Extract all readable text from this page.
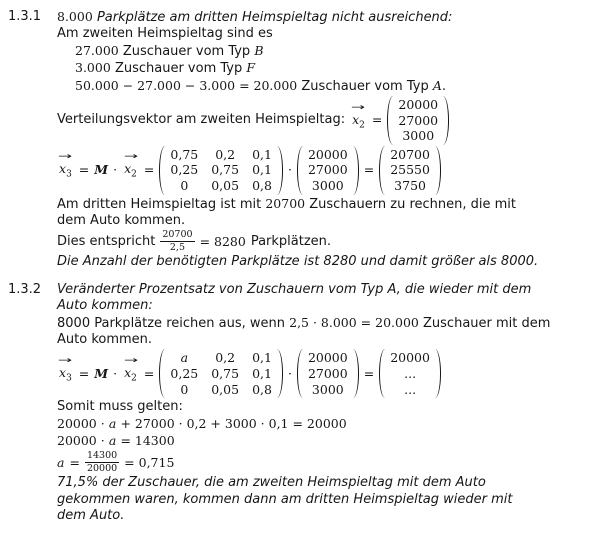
1.3.1	8.000 Parkplätze am dritten Heimspieltag nicht ausreichend:
Am zweiten Heimspieltag sind es
27.000 Zuschauer vom Typ B
3.000 Zuschauer vom Typ F
50.000 − 27.000 − 3.000 = 20.000 Zuschauer vom Typ A.
Verteilungsvektor am zweiten Heimspieltag:
→
$x_2$ =
20000
27000
3000
→
$x_3 = M$ ·
→
$x_2$ =
0,75	0,2	0,1
0,25 0,75 0,1
0	0,05 0,8
·
20000
27000
3000
=
20700
25550
3750
Am dritten Heimspieltag ist mit 20700 Zuschauern zu rechnen, die mit
dem Auto kommen.
Dies entspricht $\frac{20700}{2,5} = 8280$ Parkplätzen.
Die Anzahl der benötigten Parkplätze ist 8280 und damit größer als 8000.
1.3.2	Veränderter Prozentsatz von Zuschauern vom Typ A, die wieder mit dem
Auto kommen:
8000 Parkplätze reichen aus, wenn 2,5 · 8.000 = 20.000 Zuschauer mit dem
Auto kommen.
→
$x_3 = M$ ·
→
$x_2$ =
a	0,2	0,1
0,25 0,75 0,1
0	0,05 0,8
·
20000
27000
3000
=
20000
...
...
Somit muss gelten:
20000 · a + 27000 · 0,2 + 3000 · 0,1 = 20000
20000 · a = 14300
$a = \frac{14300}{20000} = 0,715$
71,5% der Zuschauer, die am zweiten Heimspieltag mit dem Auto
gekommen waren, kommen dann am dritten Heimspieltag wieder mit
dem Auto.
